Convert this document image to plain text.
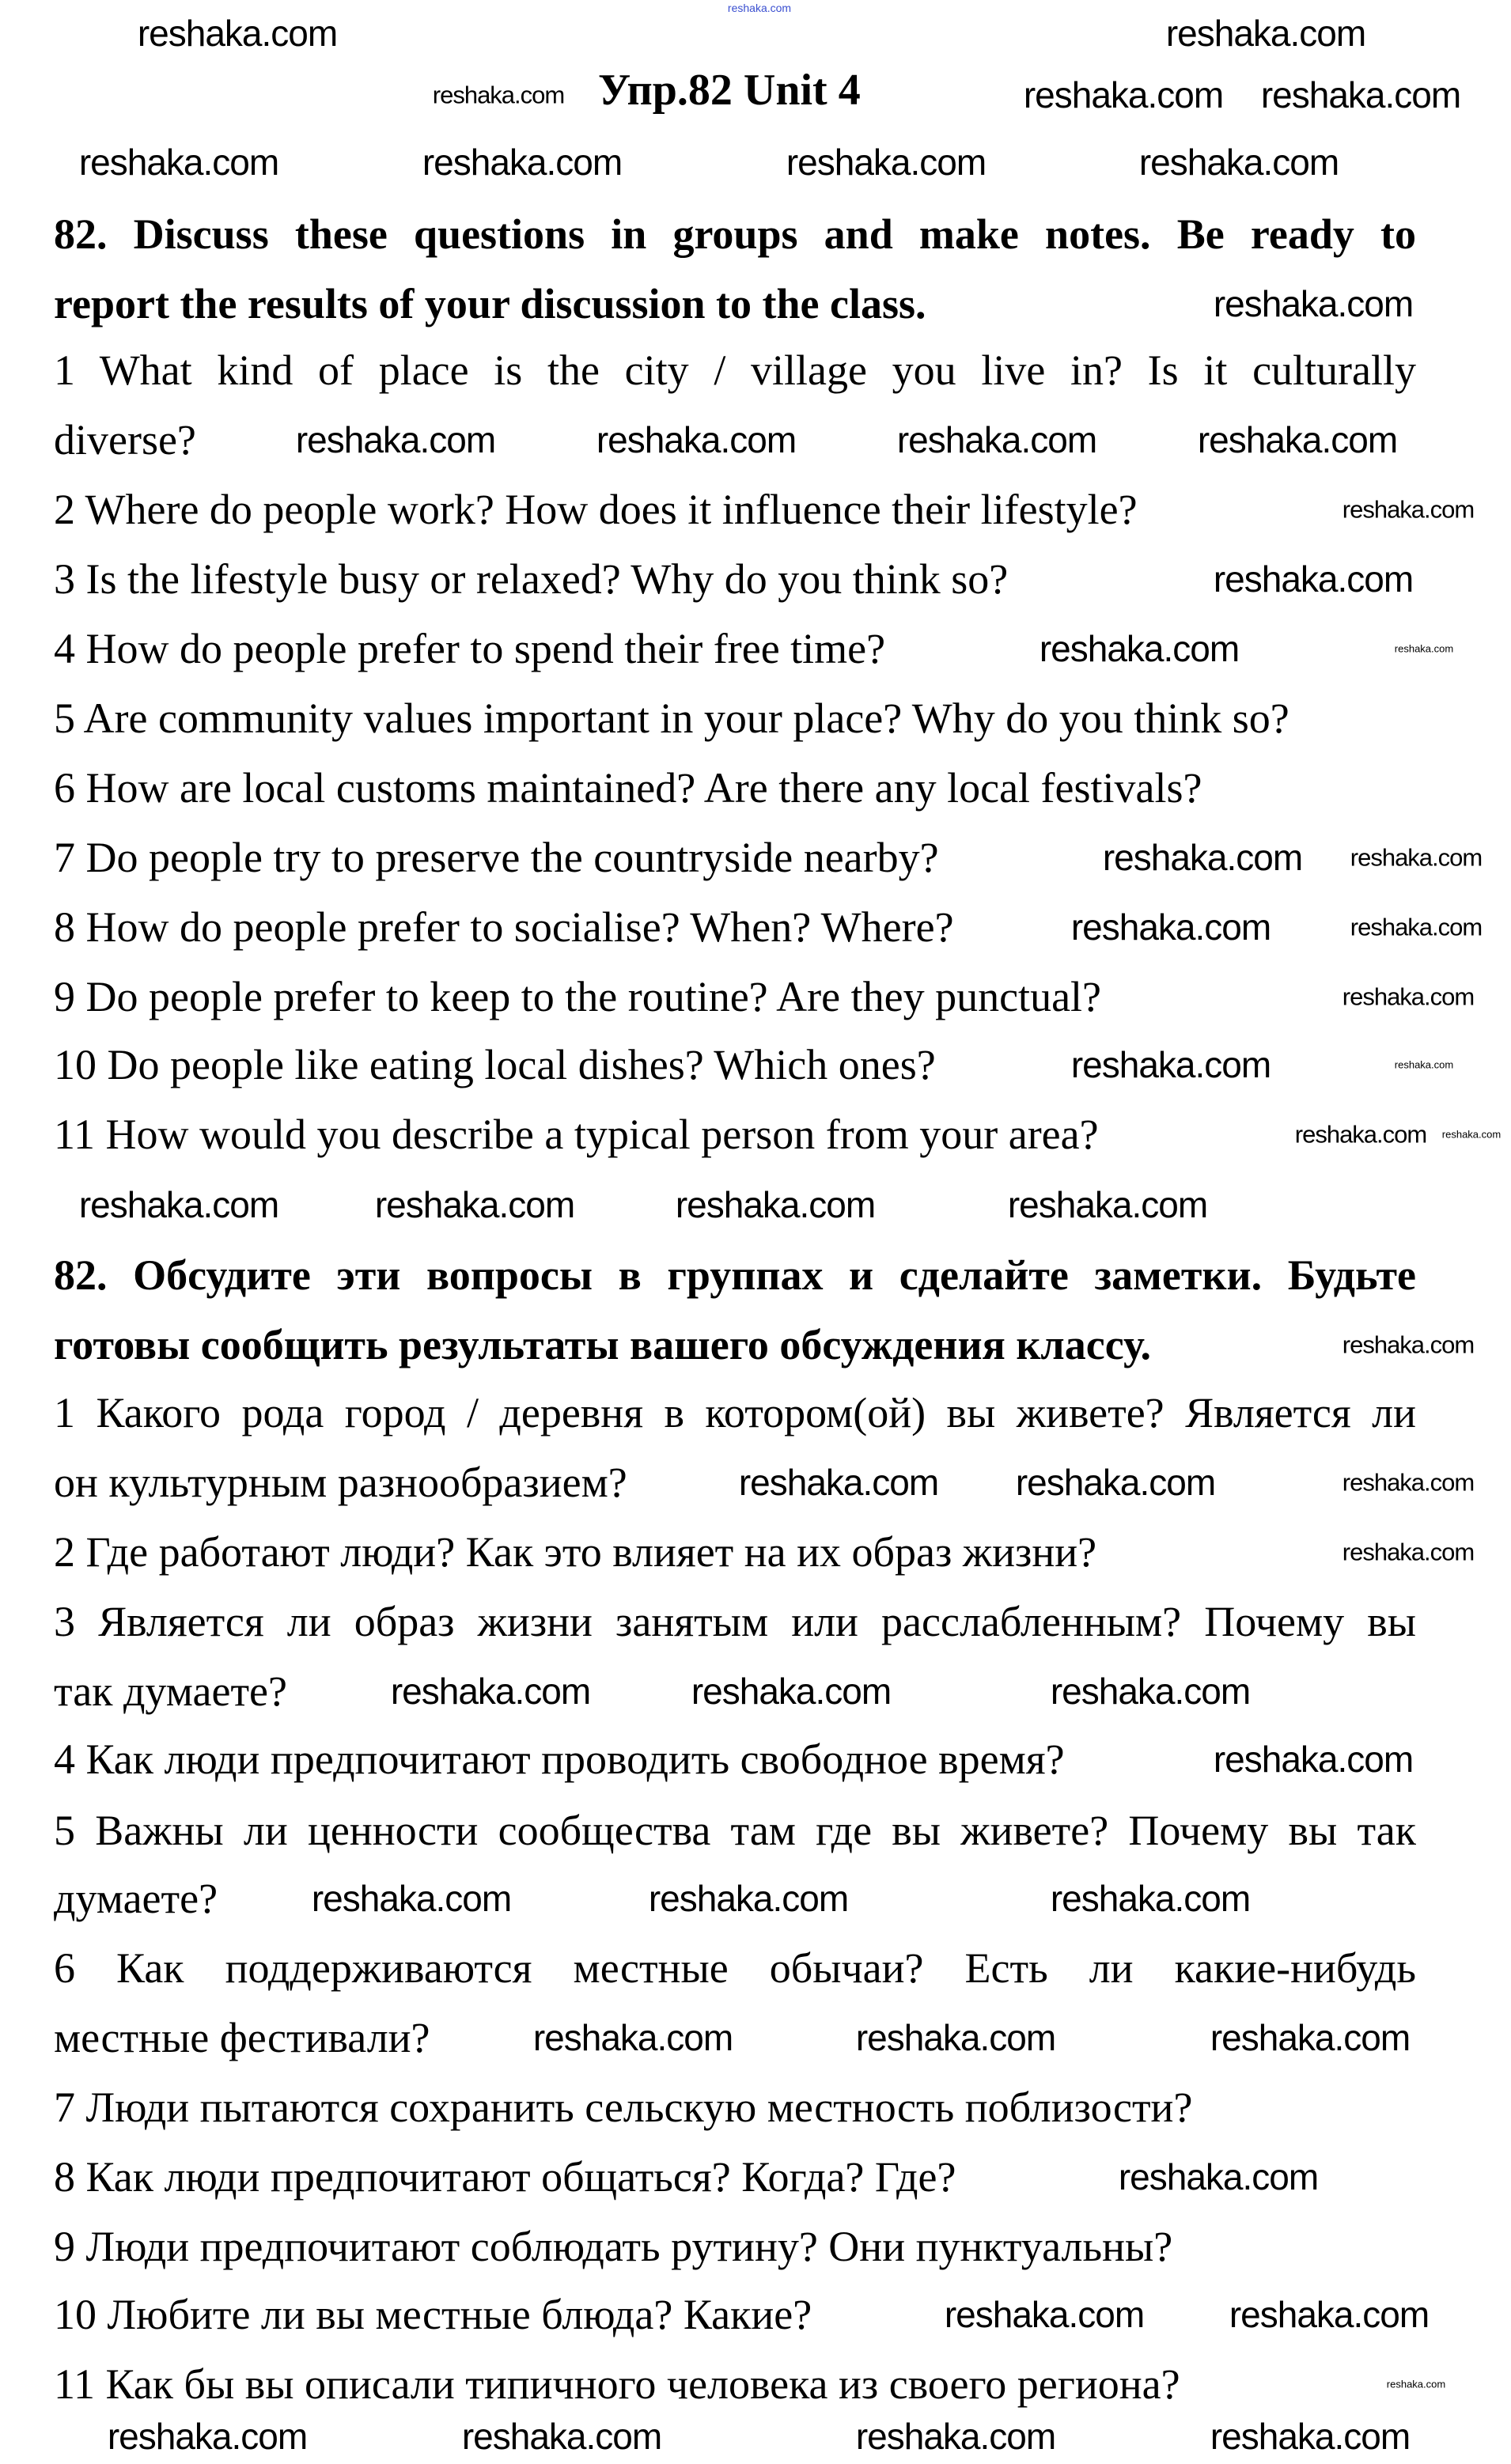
Упр.82 Unit 4
82. Discuss these questions in groups and make notes. Be ready to
report the results of your discussion to the class.
1 What kind of place is the city / village you live in? Is it culturally
diverse?
2 Where do people work? How does it influence their lifestyle?
3 Is the lifestyle busy or relaxed? Why do you think so?
4 How do people prefer to spend their free time?
5 Are community values important in your place? Why do you think so?
6 How are local customs maintained? Are there any local festivals?
7 Do people try to preserve the countryside nearby?
8 How do people prefer to socialise? When? Where?
9 Do people prefer to keep to the routine? Are they punctual?
10 Do people like eating local dishes? Which ones?
11 How would you describe a typical person from your area?
82. Обсудите эти вопросы в группах и сделайте заметки. Будьте
готовы сообщить результаты вашего обсуждения классу.
1 Какого рода город / деревня в котором(ой) вы живете? Является ли
он культурным разнообразием?
2 Где работают люди? Как это влияет на их образ жизни?
3 Является ли образ жизни занятым или расслабленным? Почему вы
так думаете?
4 Как люди предпочитают проводить свободное время?
5 Важны ли ценности сообщества там где вы живете? Почему вы так
думаете?
6 Как поддерживаются местные обычаи? Есть ли какие-нибудь
местные фестивали?
7 Люди пытаются сохранить сельскую местность поблизости?
8 Как люди предпочитают общаться? Когда? Где?
9 Люди предпочитают соблюдать рутину? Они пунктуальны?
10 Любите ли вы местные блюда? Какие?
11 Как бы вы описали типичного человека из своего региона?
reshaka.com
reshaka.com	reshaka.com
reshaka.com	reshaka.com reshaka.com
reshaka.com	reshaka.com	reshaka.com	reshaka.com
reshaka.com
reshaka.com	reshaka.com	reshaka.com	reshaka.com
reshaka.com
reshaka.com
reshaka.com	reshaka.com
reshaka.com reshaka.com
reshaka.com	reshaka.com
reshaka.com
reshaka.com	reshaka.com
reshaka.com reshaka.com
reshaka.com	reshaka.com	reshaka.com	reshaka.com
reshaka.com
reshaka.com reshaka.com	reshaka.com
reshaka.com
reshaka.com	reshaka.com	reshaka.com
reshaka.com
reshaka.com	reshaka.com	reshaka.com
reshaka.com	reshaka.com	reshaka.com
reshaka.com
reshaka.com reshaka.com
reshaka.com
reshaka.com	reshaka.com	reshaka.com	reshaka.com
